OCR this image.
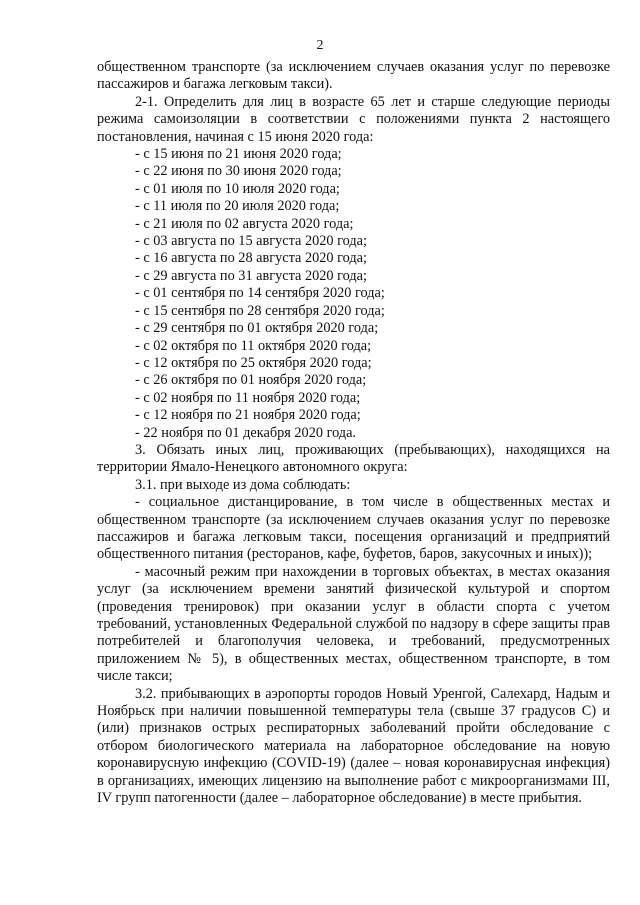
2

общественном транспорте (за исключением случаев оказания услуг по перевозке пассажиров и багажа легковым такси).

2-1. Определить для лиц в возрасте 65 лет и старше следующие периоды режима самоизоляции в соответствии с положениями пункта 2 настоящего постановления, начиная с 15 июня 2020 года:

- с 15 июня по 21 июня 2020 года;

- с 22 июня по 30 июня 2020 года;

- с 01 июля по 10 июля 2020 года;

- с 11 июля по 20 июля 2020 года;

- с 21 июля по 02 августа 2020 года;

- с 03 августа по 15 августа 2020 года;

- с 16 августа по 28 августа 2020 года;

- с 29 августа по 31 августа 2020 года;

- с 01 сентября по 14 сентября 2020 года;

- с 15 сентября по 28 сентября 2020 года;

- с 29 сентября по 01 октября 2020 года;

- с 02 октября по 11 октября 2020 года;

- с 12 октября по 25 октября 2020 года;

- с 26 октября по 01 ноября 2020 года;

- с 02 ноября по 11 ноября 2020 года;

- с 12 ноября по 21 ноября 2020 года;

- 22 ноября по 01 декабря 2020 года.

3. Обязать иных лиц, проживающих (пребывающих), находящихся на территории Ямало-Ненецкого автономного округа:

3.1. при выходе из дома соблюдать:

- социальное дистанцирование, в том числе в общественных местах и общественном транспорте (за исключением случаев оказания услуг по перевозке пассажиров и багажа легковым такси, посещения организаций и предприятий общественного питания (ресторанов, кафе, буфетов, баров, закусочных и иных));

- масочный режим при нахождении в торговых объектах, в местах оказания услуг (за исключением времени занятий физической культурой и спортом (проведения тренировок) при оказании услуг в области спорта с учетом требований, установленных Федеральной службой по надзору в сфере защиты прав потребителей и благополучия человека, и требований, предусмотренных приложением № 5), в общественных местах, общественном транспорте, в том числе такси;

3.2. прибывающих в аэропорты городов Новый Уренгой, Салехард, Надым и Ноябрьск при наличии повышенной температуры тела (свыше 37 градусов С) и (или) признаков острых респираторных заболеваний пройти обследование с отбором биологического материала на лабораторное обследование на новую коронавирусную инфекцию (COVID-19) (далее – новая коронавирусная инфекция) в организациях, имеющих лицензию на выполнение работ с микроорганизмами III, IV групп патогенности (далее – лабораторное обследование) в месте прибытия.
